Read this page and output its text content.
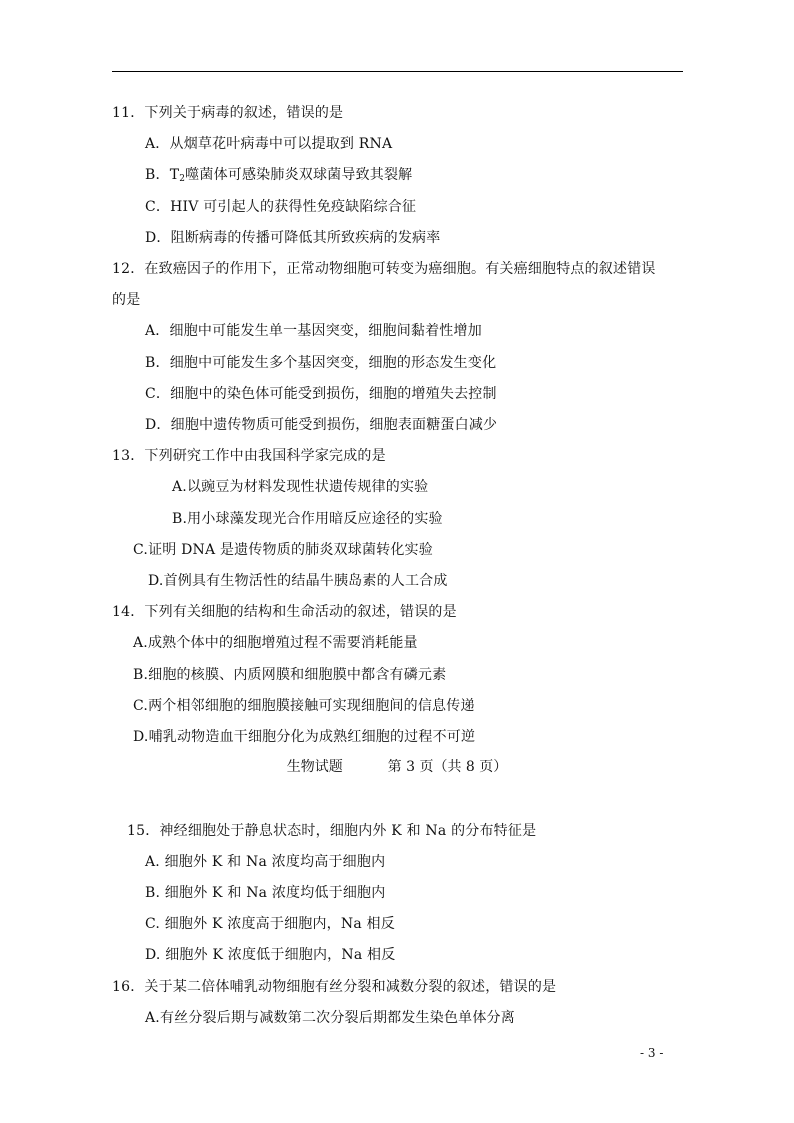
11．下列关于病毒的叙述，错误的是
A．从烟草花叶病毒中可以提取到 RNA
B．$T_2$噬菌体可感染肺炎双球菌导致其裂解
C．HIV 可引起人的获得性免疫缺陷综合征
D．阻断病毒的传播可降低其所致疾病的发病率
12．在致癌因子的作用下，正常动物细胞可转变为癌细胞。有关癌细胞特点的叙述错误
的是
A．细胞中可能发生单一基因突变，细胞间黏着性增加
B．细胞中可能发生多个基因突变，细胞的形态发生变化
C．细胞中的染色体可能受到损伤，细胞的增殖失去控制
D．细胞中遗传物质可能受到损伤，细胞表面糖蛋白减少
13．下列研究工作中由我国科学家完成的是
A.以豌豆为材料发现性状遗传规律的实验
B.用小球藻发现光合作用暗反应途径的实验
C.证明 DNA 是遗传物质的肺炎双球菌转化实验
D.首例具有生物活性的结晶牛胰岛素的人工合成
14．下列有关细胞的结构和生命活动的叙述，错误的是
A.成熟个体中的细胞增殖过程不需要消耗能量
B.细胞的核膜、内质网膜和细胞膜中都含有磷元素
C.两个相邻细胞的细胞膜接触可实现细胞间的信息传递
D.哺乳动物造血干细胞分化为成熟红细胞的过程不可逆
生物试题	第 3 页（共 8 页）
15．神经细胞处于静息状态时，细胞内外 K 和 Na 的分布特征是
A. 细胞外 K 和 Na 浓度均高于细胞内
B. 细胞外 K 和 Na 浓度均低于细胞内
C. 细胞外 K 浓度高于细胞内，Na 相反
D. 细胞外 K 浓度低于细胞内，Na 相反
16．关于某二倍体哺乳动物细胞有丝分裂和减数分裂的叙述，错误的是
A.有丝分裂后期与减数第二次分裂后期都发生染色单体分离
- 3 -
